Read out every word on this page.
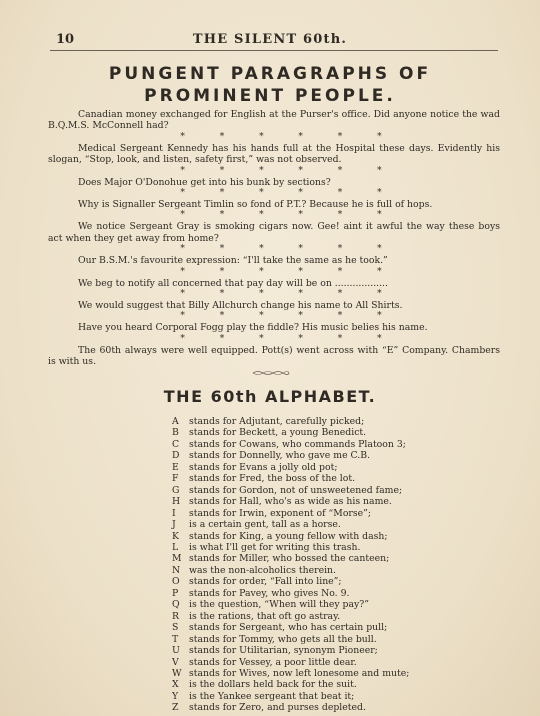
10	THE SILENT 60th.
PUNGENT PARAGRAPHS OF
PROMINENT PEOPLE.

Canadian money exchanged for English at the Purser's office. Did anyone notice the wad B.Q.M.S. McConnell had?

* * * * * *

Medical Sergeant Kennedy has his hands full at the Hospital these days. Evidently his slogan, “Stop, look, and listen, safety first,” was not observed.

* * * * * *

Does Major O'Donohue get into his bunk by sections?

* * * * * *

Why is Signaller Sergeant Timlin so fond of P.T.? Because he is full of hops.

* * * * * *

We notice Sergeant Gray is smoking cigars now. Gee! aint it awful the way these boys act when they get away from home?

* * * * * *

Our B.S.M.'s favourite expression: “I'll take the same as he took.”

* * * * * *

We beg to notify all concerned that pay day will be on ..................

* * * * * *

We would suggest that Billy Allchurch change his name to All Shirts.

* * * * * *

Have you heard Corporal Fogg play the fiddle? His music belies his name.

* * * * * *

The 60th always were well equipped. Pott(s) went across with “E” Company. Chambers is with us.

THE 60th ALPHABET.
A	stands for Adjutant, carefully picked;
B	stands for Beckett, a young Benedict.
C	stands for Cowans, who commands Platoon 3;
D	stands for Donnelly, who gave me C.B.
E	stands for Evans a jolly old pot;
F	stands for Fred, the boss of the lot.
G	stands for Gordon, not of unsweetened fame;
H stands for Hall, who's as wide as his name.
I	stands for Irwin, exponent of “Morse”;
J	is a certain gent, tall as a horse.
K	stands for King, a young fellow with dash;
L	is what I'll get for writing this trash.
M stands for Miller, who bossed the canteen;
N was the non-alcoholics therein.
O	stands for order, “Fall into line”;
P	stands for Pavey, who gives No. 9.
Q	is the question, “When will they pay?”
R	is the rations, that oft go astray.
S	stands for Sergeant, who has certain pull;
T	stands for Tommy, who gets all the bull.
U stands for Utilitarian, synonym Pioneer;
V	stands for Vessey, a poor little dear.
W stands for Wives, now left lonesome and mute;
X	is the dollars held back for the suit.
Y	is the Yankee sergeant that beat it;
Z	stands for Zero, and purses depleted.
